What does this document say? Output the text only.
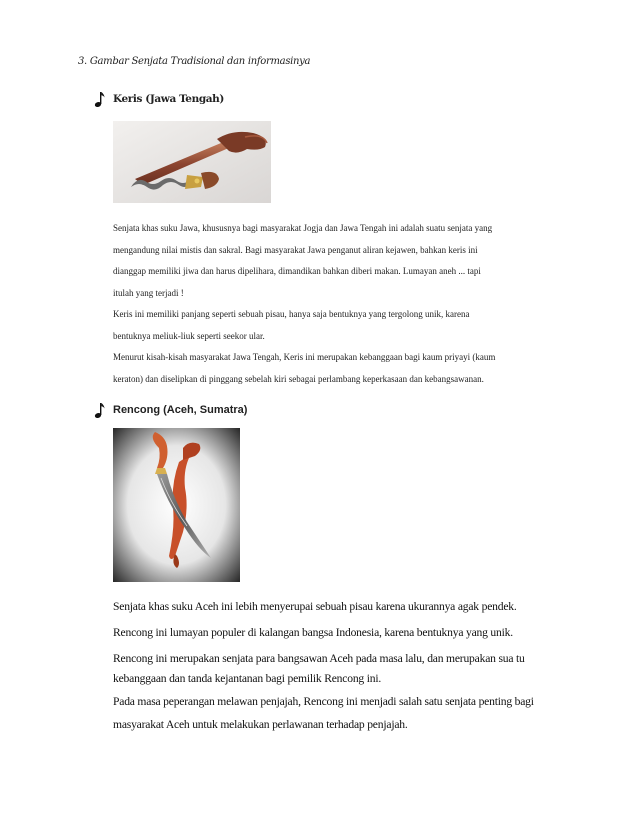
3. Gambar Senjata Tradisional dan informasinya
Keris (Jawa Tengah)
Senjata khas suku Jawa, khususnya bagi masyarakat Jogja dan Jawa Tengah ini adalah suatu senjata yang
mengandung nilai mistis dan sakral. Bagi masyarakat Jawa penganut aliran kejawen, bahkan keris ini
dianggap memiliki jiwa dan harus dipelihara, dimandikan bahkan diberi makan. Lumayan aneh ... tapi
itulah yang terjadi !
Keris ini memiliki panjang seperti sebuah pisau, hanya saja bentuknya yang tergolong unik, karena
bentuknya meliuk-liuk seperti seekor ular.
Menurut kisah-kisah masyarakat Jawa Tengah, Keris ini merupakan kebanggaan bagi kaum priyayi (kaum
keraton) dan diselipkan di pinggang sebelah kiri sebagai perlambang keperkasaan dan kebangsawanan.
Rencong (Aceh, Sumatra)
Senjata khas suku Aceh ini lebih menyerupai sebuah pisau karena ukurannya agak pendek.
Rencong ini lumayan populer di kalangan bangsa Indonesia, karena bentuknya yang unik.
Rencong ini merupakan senjata para bangsawan Aceh pada masa lalu, dan merupakan sua tu
kebanggaan dan tanda kejantanan bagi pemilik Rencong ini.
Pada masa peperangan melawan penjajah, Rencong ini menjadi salah satu senjata penting bagi
masyarakat Aceh untuk melakukan perlawanan terhadap penjajah.
